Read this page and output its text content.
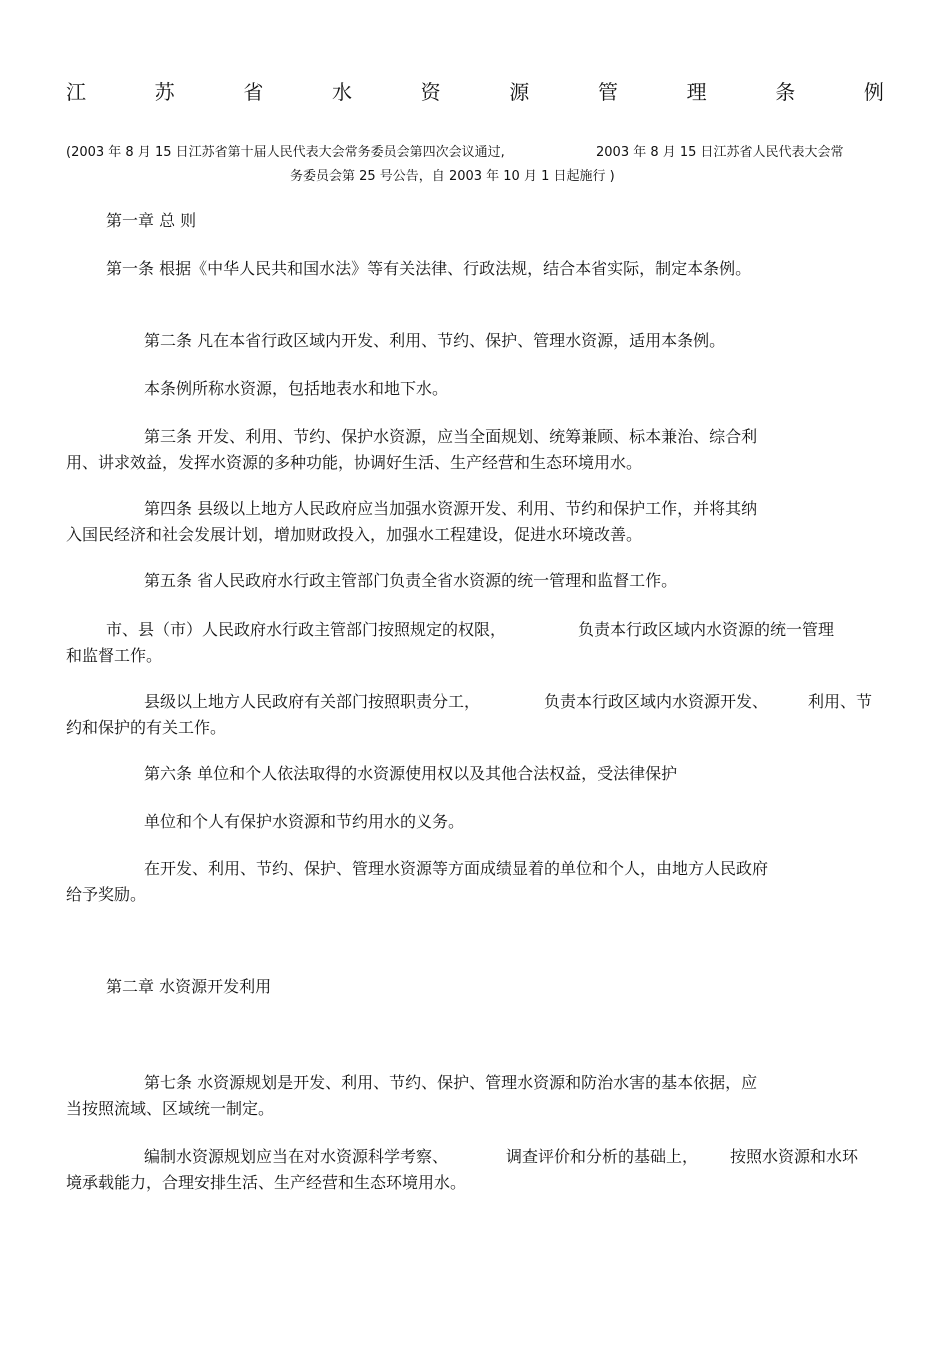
江	苏	省	水	资	源	管	理	条	例
(2003 年 8 月 15 日江苏省第十届人民代表大会常务委员会第四次会议通过,	2003 年 8 月 15 日江苏省人民代表大会常
务委员会第 25 号公告，自 2003 年 10 月 1 日起施行 )

第一章 总 则

第一条 根据《中华人民共和国水法》等有关法律、行政法规，结合本省实际，制定本条例。

第二条 凡在本省行政区域内开发、利用、节约、保护、管理水资源，适用本条例。

本条例所称水资源，包括地表水和地下水。

第三条 开发、利用、节约、保护水资源，应当全面规划、统筹兼顾、标本兼治、综合利

用、讲求效益，发挥水资源的多种功能，协调好生活、生产经营和生态环境用水。

第四条 县级以上地方人民政府应当加强水资源开发、利用、节约和保护工作，并将其纳

入国民经济和社会发展计划，增加财政投入，加强水工程建设，促进水环境改善。

第五条 省人民政府水行政主管部门负责全省水资源的统一管理和监督工作。

市、县（市）人民政府水行政主管部门按照规定的权限，	负责本行政区域内水资源的统一管理

和监督工作。

县级以上地方人民政府有关部门按照职责分工，	负责本行政区域内水资源开发、 利用、节

约和保护的有关工作。

第六条 单位和个人依法取得的水资源使用权以及其他合法权益，受法律保护

单位和个人有保护水资源和节约用水的义务。

在开发、利用、节约、保护、管理水资源等方面成绩显着的单位和个人，由地方人民政府

给予奖励。

第二章 水资源开发利用

第七条 水资源规划是开发、利用、节约、保护、管理水资源和防治水害的基本依据，应

当按照流域、区域统一制定。

编制水资源规划应当在对水资源科学考察、	调查评价和分析的基础上， 按照水资源和水环

境承载能力，合理安排生活、生产经营和生态环境用水。
